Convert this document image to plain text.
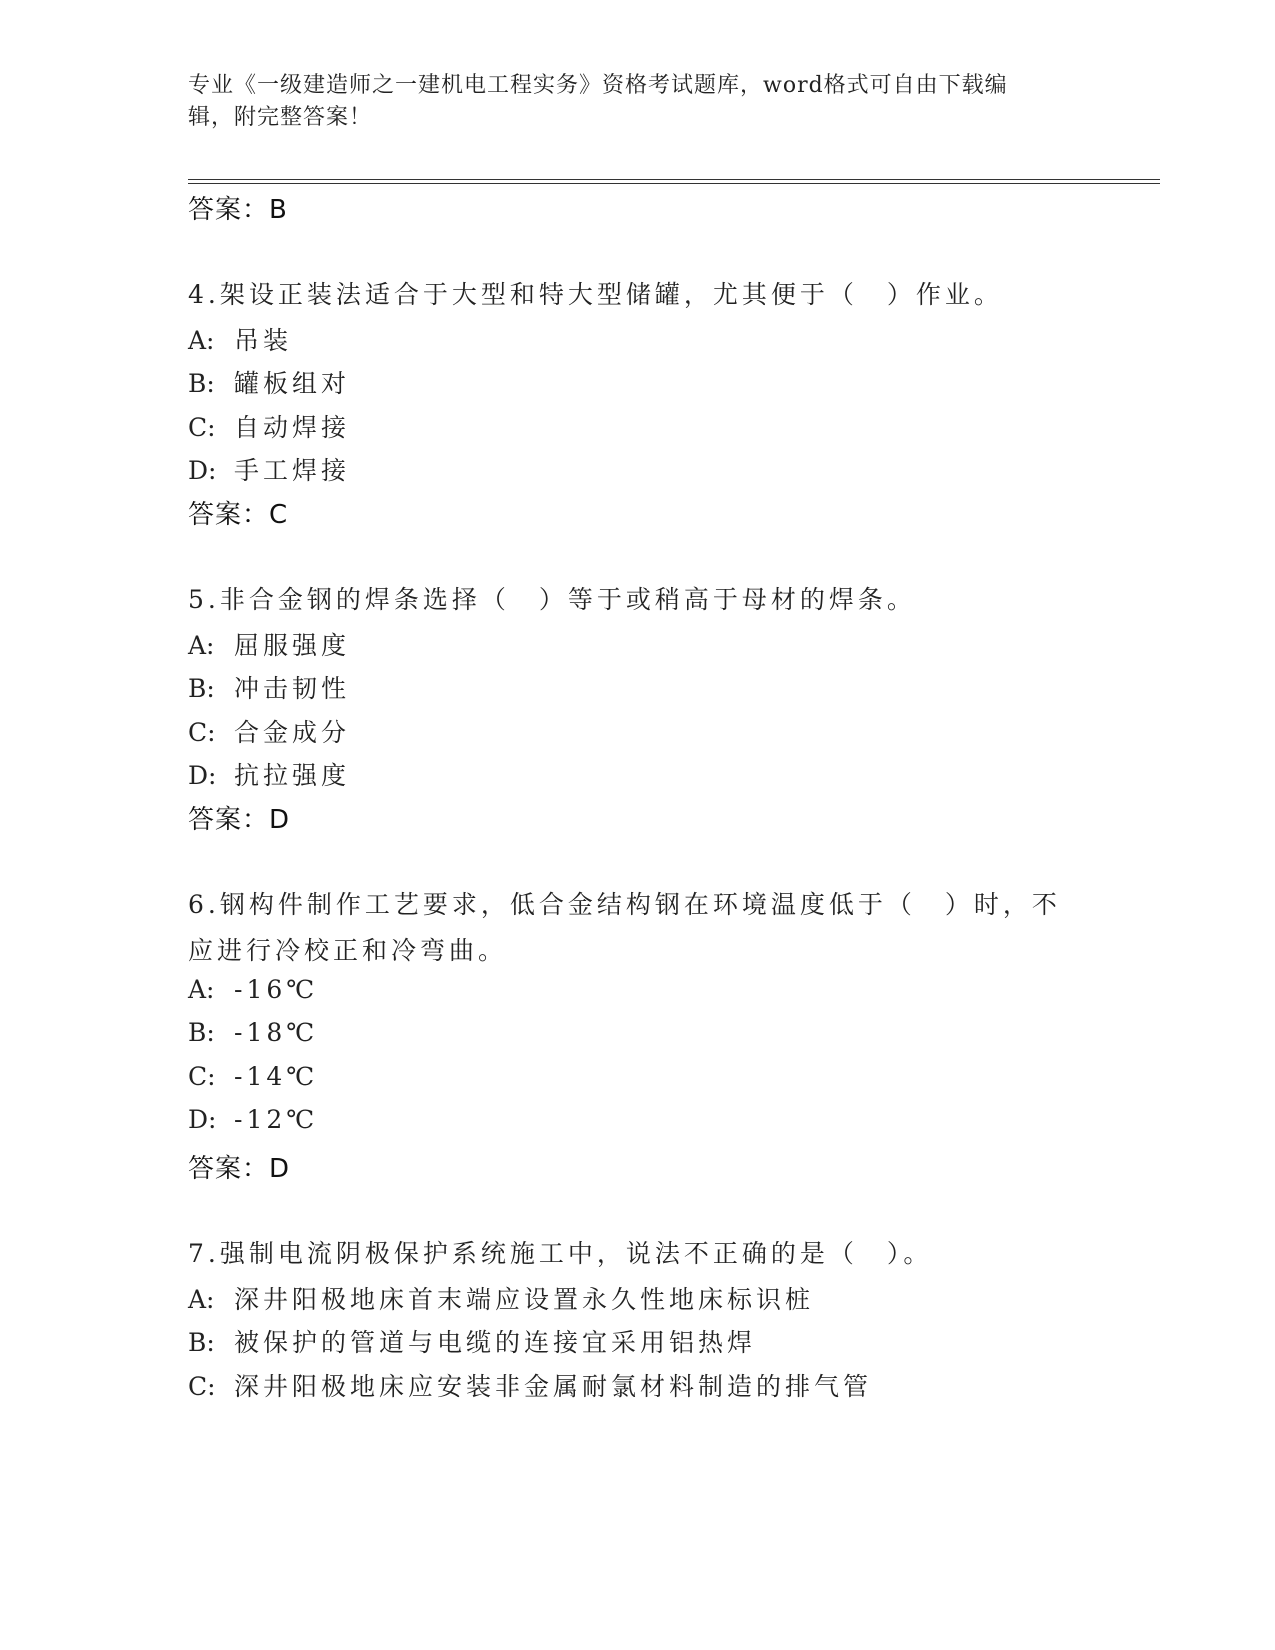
专业《一级建造师之一建机电工程实务》资格考试题库，word格式可自由下载编
辑，附完整答案！
答案：B
4.架设正装法适合于大型和特大型储罐，尤其便于（　）作业。
A: 吊装
B: 罐板组对
C: 自动焊接
D: 手工焊接
答案：C
5.非合金钢的焊条选择（　）等于或稍高于母材的焊条。
A: 屈服强度
B: 冲击韧性
C: 合金成分
D: 抗拉强度
答案：D
6.钢构件制作工艺要求，低合金结构钢在环境温度低于（　）时，不
应进行冷校正和冷弯曲。
A: -16℃
B: -18℃
C: -14℃
D: -12℃
答案：D
7.强制电流阴极保护系统施工中，说法不正确的是（　）。
A: 深井阳极地床首末端应设置永久性地床标识桩
B: 被保护的管道与电缆的连接宜采用铝热焊
C: 深井阳极地床应安装非金属耐氯材料制造的排气管
